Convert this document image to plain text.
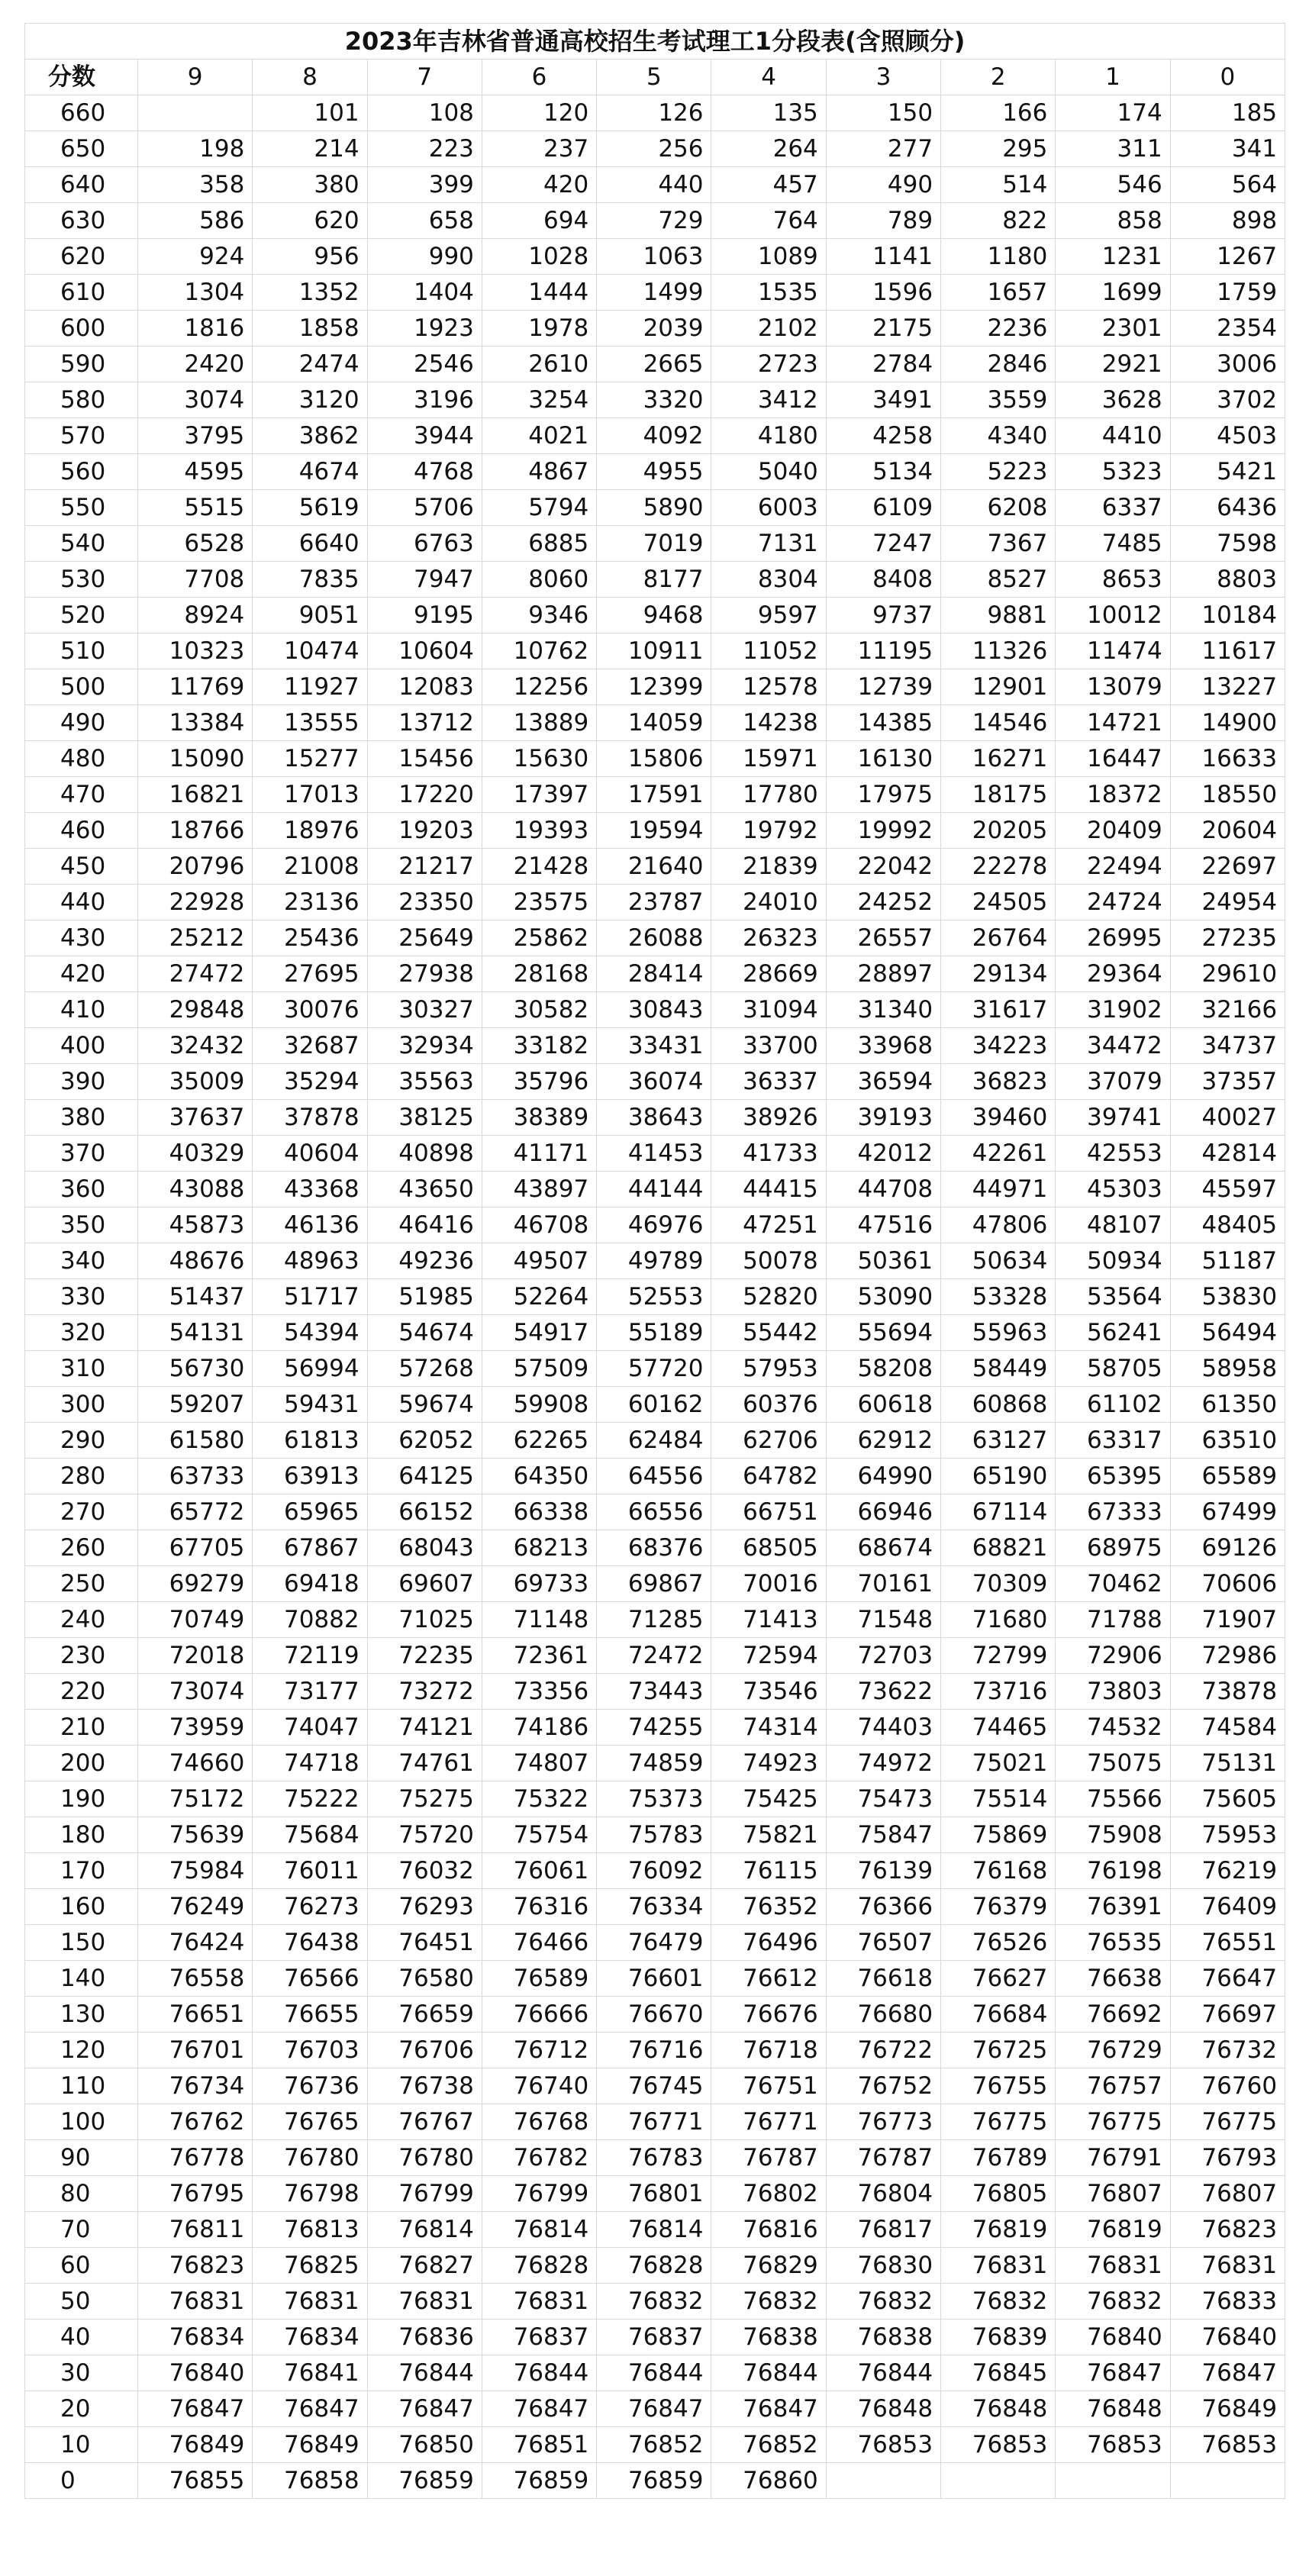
2023年吉林省普通高校招生考试理工1分段表(含照顾分)										
分数	9	8	7	6	5	4	3	2	1	0
660		101	108	120	126	135	150	166	174	185
650	198	214	223	237	256	264	277	295	311	341
640	358	380	399	420	440	457	490	514	546	564
630	586	620	658	694	729	764	789	822	858	898
620	924	956	990	1028	1063	1089	1141	1180	1231	1267
610	1304	1352	1404	1444	1499	1535	1596	1657	1699	1759
600	1816	1858	1923	1978	2039	2102	2175	2236	2301	2354
590	2420	2474	2546	2610	2665	2723	2784	2846	2921	3006
580	3074	3120	3196	3254	3320	3412	3491	3559	3628	3702
570	3795	3862	3944	4021	4092	4180	4258	4340	4410	4503
560	4595	4674	4768	4867	4955	5040	5134	5223	5323	5421
550	5515	5619	5706	5794	5890	6003	6109	6208	6337	6436
540	6528	6640	6763	6885	7019	7131	7247	7367	7485	7598
530	7708	7835	7947	8060	8177	8304	8408	8527	8653	8803
520	8924	9051	9195	9346	9468	9597	9737	9881	10012	10184
510	10323	10474	10604	10762	10911	11052	11195	11326	11474	11617
500	11769	11927	12083	12256	12399	12578	12739	12901	13079	13227
490	13384	13555	13712	13889	14059	14238	14385	14546	14721	14900
480	15090	15277	15456	15630	15806	15971	16130	16271	16447	16633
470	16821	17013	17220	17397	17591	17780	17975	18175	18372	18550
460	18766	18976	19203	19393	19594	19792	19992	20205	20409	20604
450	20796	21008	21217	21428	21640	21839	22042	22278	22494	22697
440	22928	23136	23350	23575	23787	24010	24252	24505	24724	24954
430	25212	25436	25649	25862	26088	26323	26557	26764	26995	27235
420	27472	27695	27938	28168	28414	28669	28897	29134	29364	29610
410	29848	30076	30327	30582	30843	31094	31340	31617	31902	32166
400	32432	32687	32934	33182	33431	33700	33968	34223	34472	34737
390	35009	35294	35563	35796	36074	36337	36594	36823	37079	37357
380	37637	37878	38125	38389	38643	38926	39193	39460	39741	40027
370	40329	40604	40898	41171	41453	41733	42012	42261	42553	42814
360	43088	43368	43650	43897	44144	44415	44708	44971	45303	45597
350	45873	46136	46416	46708	46976	47251	47516	47806	48107	48405
340	48676	48963	49236	49507	49789	50078	50361	50634	50934	51187
330	51437	51717	51985	52264	52553	52820	53090	53328	53564	53830
320	54131	54394	54674	54917	55189	55442	55694	55963	56241	56494
310	56730	56994	57268	57509	57720	57953	58208	58449	58705	58958
300	59207	59431	59674	59908	60162	60376	60618	60868	61102	61350
290	61580	61813	62052	62265	62484	62706	62912	63127	63317	63510
280	63733	63913	64125	64350	64556	64782	64990	65190	65395	65589
270	65772	65965	66152	66338	66556	66751	66946	67114	67333	67499
260	67705	67867	68043	68213	68376	68505	68674	68821	68975	69126
250	69279	69418	69607	69733	69867	70016	70161	70309	70462	70606
240	70749	70882	71025	71148	71285	71413	71548	71680	71788	71907
230	72018	72119	72235	72361	72472	72594	72703	72799	72906	72986
220	73074	73177	73272	73356	73443	73546	73622	73716	73803	73878
210	73959	74047	74121	74186	74255	74314	74403	74465	74532	74584
200	74660	74718	74761	74807	74859	74923	74972	75021	75075	75131
190	75172	75222	75275	75322	75373	75425	75473	75514	75566	75605
180	75639	75684	75720	75754	75783	75821	75847	75869	75908	75953
170	75984	76011	76032	76061	76092	76115	76139	76168	76198	76219
160	76249	76273	76293	76316	76334	76352	76366	76379	76391	76409
150	76424	76438	76451	76466	76479	76496	76507	76526	76535	76551
140	76558	76566	76580	76589	76601	76612	76618	76627	76638	76647
130	76651	76655	76659	76666	76670	76676	76680	76684	76692	76697
120	76701	76703	76706	76712	76716	76718	76722	76725	76729	76732
110	76734	76736	76738	76740	76745	76751	76752	76755	76757	76760
100	76762	76765	76767	76768	76771	76771	76773	76775	76775	76775
90	76778	76780	76780	76782	76783	76787	76787	76789	76791	76793
80	76795	76798	76799	76799	76801	76802	76804	76805	76807	76807
70	76811	76813	76814	76814	76814	76816	76817	76819	76819	76823
60	76823	76825	76827	76828	76828	76829	76830	76831	76831	76831
50	76831	76831	76831	76831	76832	76832	76832	76832	76832	76833
40	76834	76834	76836	76837	76837	76838	76838	76839	76840	76840
30	76840	76841	76844	76844	76844	76844	76844	76845	76847	76847
20	76847	76847	76847	76847	76847	76847	76848	76848	76848	76849
10	76849	76849	76850	76851	76852	76852	76853	76853	76853	76853
0	76855	76858	76859	76859	76859	76860				
